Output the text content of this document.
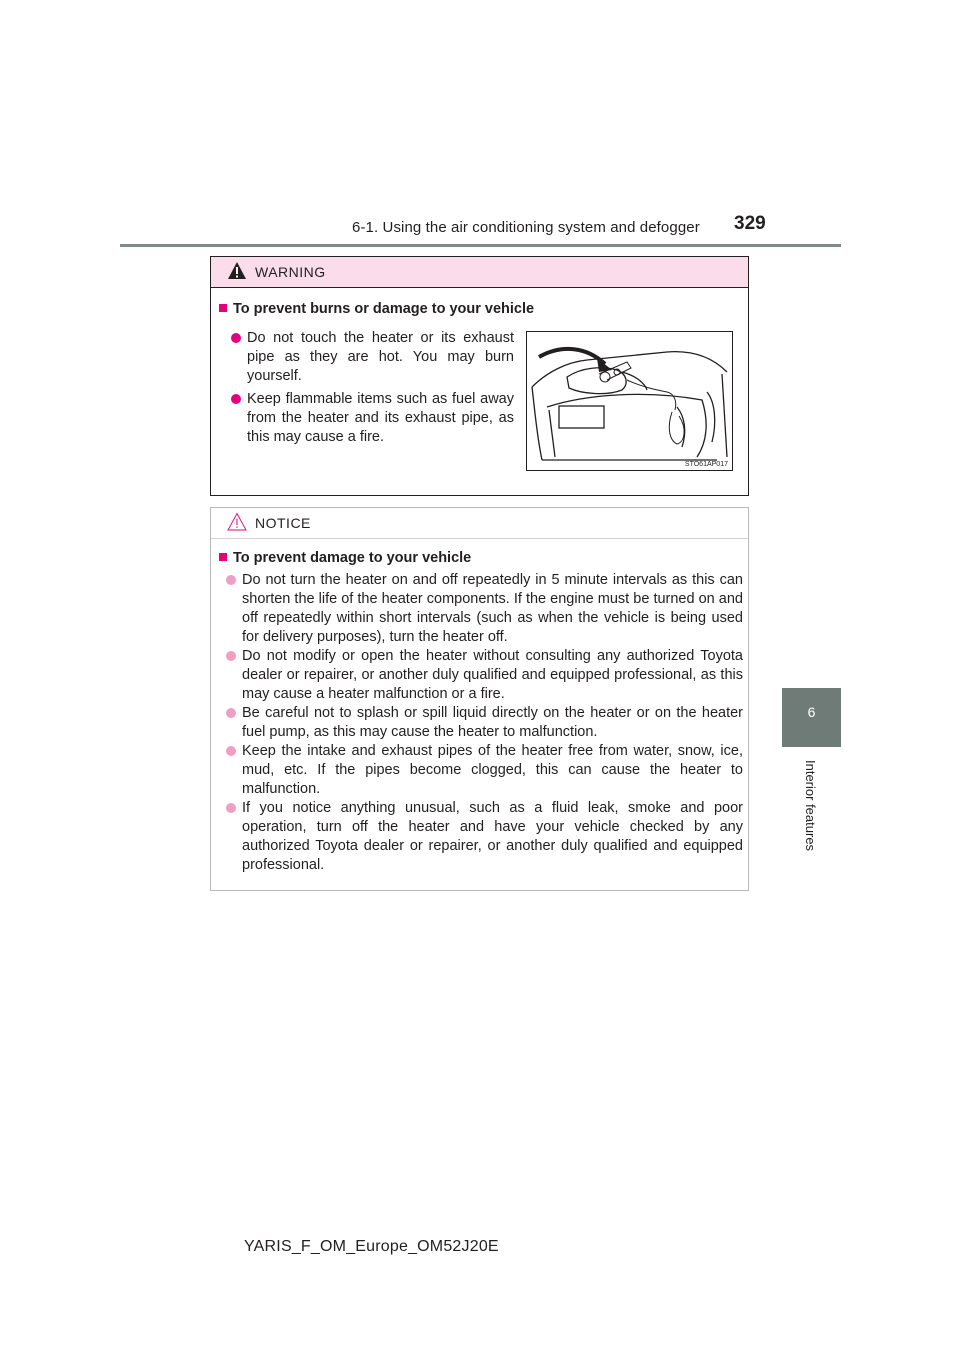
6-1. Using the air conditioning system and defogger 329
6
Interior features
WARNING
To prevent burns or damage to your vehicle
Do not touch the heater or its exhaust pipe as they are hot. You may burn yourself.
Keep flammable items such as fuel away from the heater and its exhaust pipe, as this may cause a fire.
STO61AP017
NOTICE
To prevent damage to your vehicle
Do not turn the heater on and off repeatedly in 5 minute intervals as this can shorten the life of the heater components. If the engine must be turned on and off repeatedly within short intervals (such as when the vehicle is being used for delivery purposes), turn the heater off.
Do not modify or open the heater without consulting any authorized Toyota dealer or repairer, or another duly qualified and equipped professional, as this may cause a heater malfunction or a fire.
Be careful not to splash or spill liquid directly on the heater or on the heater fuel pump, as this may cause the heater to malfunction.
Keep the intake and exhaust pipes of the heater free from water, snow, ice, mud, etc. If the pipes become clogged, this can cause the heater to malfunction.
If you notice anything unusual, such as a fluid leak, smoke and poor operation, turn off the heater and have your vehicle checked by any authorized Toyota dealer or repairer, or another duly qualified and equipped professional.
YARIS_F_OM_Europe_OM52J20E
